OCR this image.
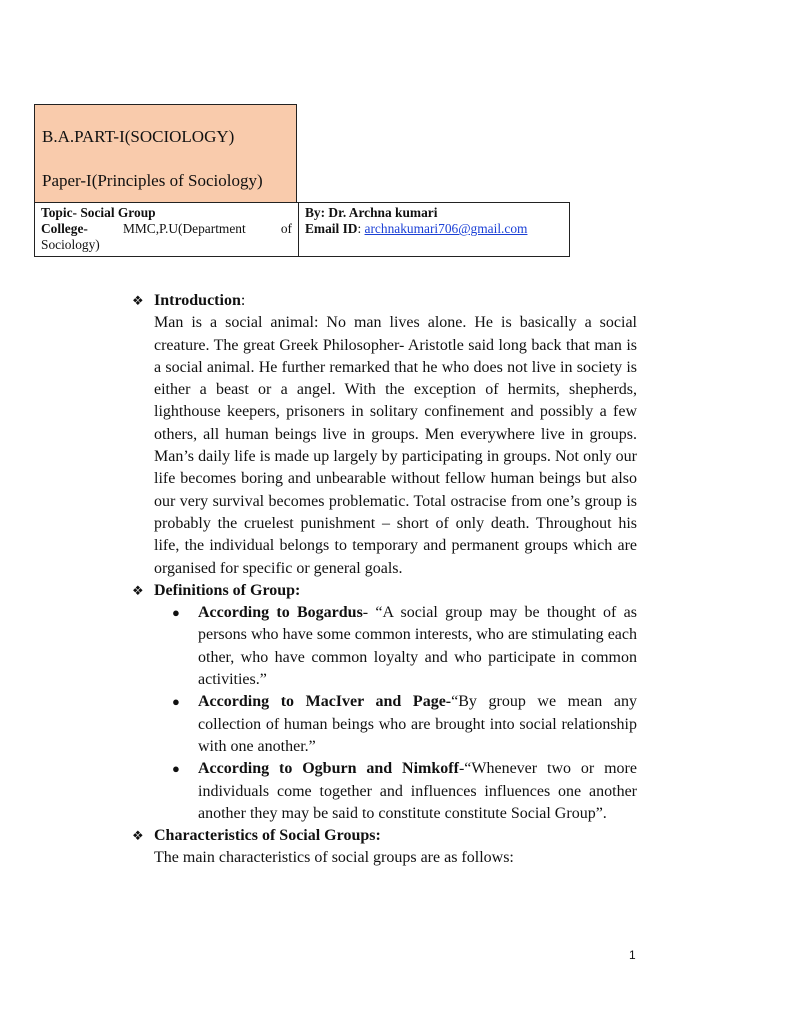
B.A.PART-I(SOCIOLOGY)
Paper-I(Principles of Sociology)
Topic- Social Group
College-	MMC,P.U(Department	of
Sociology)

By: Dr. Archna kumari
Email ID: archnakumari706@gmail.com
❖ Introduction:
Man is a social animal: No man lives alone. He is basically a social creature. The great Greek Philosopher- Aristotle said long back that man is a social animal. He further remarked that he who does not live in society is either a beast or a angel. With the exception of hermits, shepherds, lighthouse keepers, prisoners in solitary confinement and possibly a few others, all human beings live in groups. Men everywhere live in groups. Man’s daily life is made up largely by participating in groups. Not only our life becomes boring and unbearable without fellow human beings but also our very survival becomes problematic. Total ostracise from one’s group is probably the cruelest punishment – short of only death. Throughout his life, the individual belongs to temporary and permanent groups which are organised for specific or general goals.
❖ Definitions of Group:
●	According to Bogardus- “A social group may be thought of as persons who have some common interests, who are stimulating each other, who have common loyalty and who participate in common activities.”
●	According to MacIver and Page-“By group we mean any collection of human beings who are brought into social relationship with one another.”
●	According to Ogburn and Nimkoff-“Whenever two or more individuals come together and influences influences one another another they may be said to constitute constitute Social Group”.
❖ Characteristics of Social Groups:
The main characteristics of social groups are as follows:
1
